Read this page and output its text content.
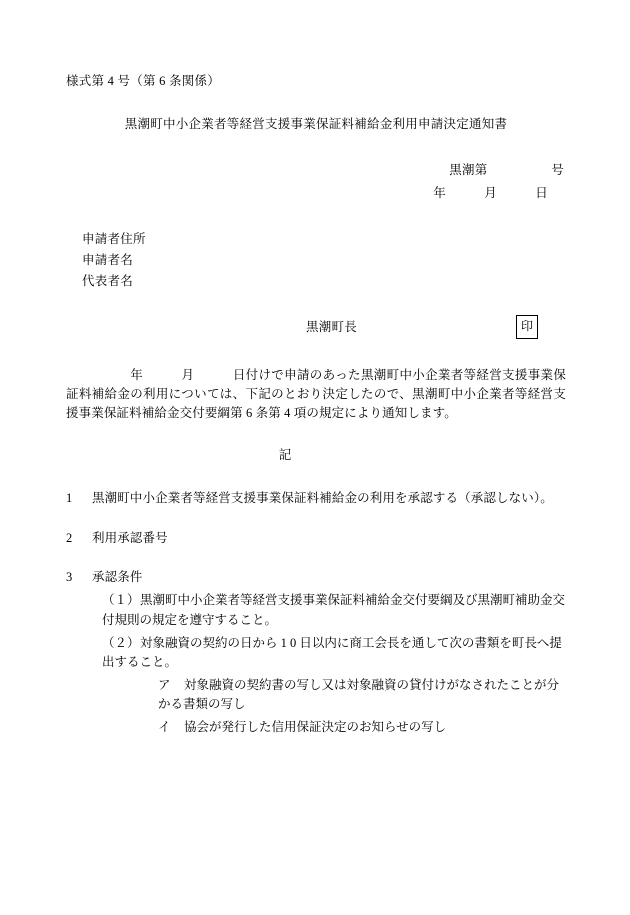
様式第 4 号（第 6 条関係）
黒潮町中小企業者等経営支援事業保証料補給金利用申請決定通知書
黒潮第　　　　　号
年　　　月　　　日
申請者住所
申請者名
代表者名
黒潮町長	印
年　　　月　　　日付けで申請のあった黒潮町中小企業者等経営支援事業保証料補給金の利用については、下記のとおり決定したので、黒潮町中小企業者等経営支援事業保証料補給金交付要綱第 6 条第 4 項の規定により通知します。
記
1 黒潮町中小企業者等経営支援事業保証料補給金の利用を承認する（承認しない）。
2 利用承認番号
3 承認条件
（１）黒潮町中小企業者等経営支援事業保証料補給金交付要綱及び黒潮町補助金交付規則の規定を遵守すること。
（２）対象融資の契約の日から 1 0 日以内に商工会長を通して次の書類を町長へ提出すること。
ア 対象融資の契約書の写し又は対象融資の貸付けがなされたことが分かる書類の写し
イ 協会が発行した信用保証決定のお知らせの写し
